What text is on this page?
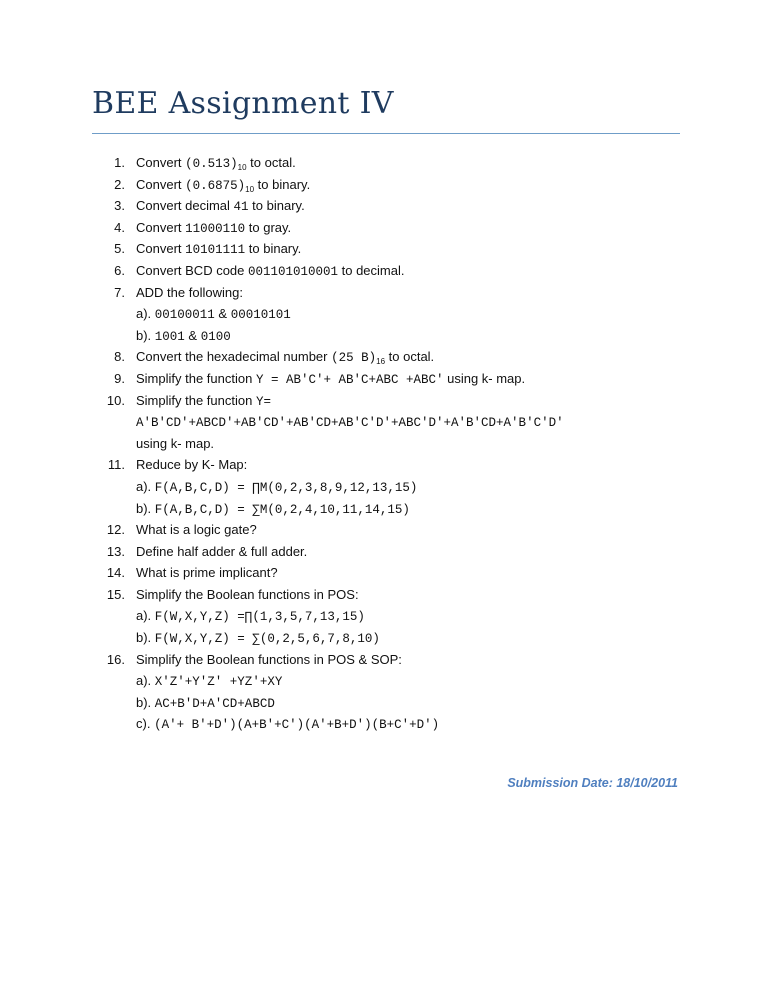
BEE Assignment IV
1. Convert $(0.513)_{10}$ to octal.
2. Convert $(0.6875)_{10}$ to binary.
3. Convert decimal 41 to binary.
4. Convert 11000110 to gray.
5. Convert 10101111 to binary.
6. Convert BCD code 001101010001 to decimal.
7. ADD the following:
a). 00100011 & 00010101
b). 1001 & 0100
8. Convert the hexadecimal number (25 $B)_{16}$ to octal.
9. Simplify the function Y = AB'C'+ AB'C+ABC +ABC' using k- map.
10. Simplify the function Y=
A'B'CD'+ABCD'+AB'CD'+AB'CD+AB'C'D'+ABC'D'+A'B'CD+A'B'C'D'
using k- map.
11. Reduce by K- Map:
a). F(A,B,C,D) = ∏M(0,2,3,8,9,12,13,15)
b). F(A,B,C,D) = ∑M(0,2,4,10,11,14,15)
12. What is a logic gate?
13. Define half adder & full adder.
14. What is prime implicant?
15. Simplify the Boolean functions in POS:
a). F(W,X,Y,Z) =∏(1,3,5,7,13,15)
b). F(W,X,Y,Z) = ∑(0,2,5,6,7,8,10)
16. Simplify the Boolean functions in POS & SOP:
a). X'Z'+Y'Z' +YZ'+XY
b). AC+B'D+A'CD+ABCD
c). (A'+ B'+D')(A+B'+C')(A'+B+D')(B+C'+D')
Submission Date: 18/10/2011
